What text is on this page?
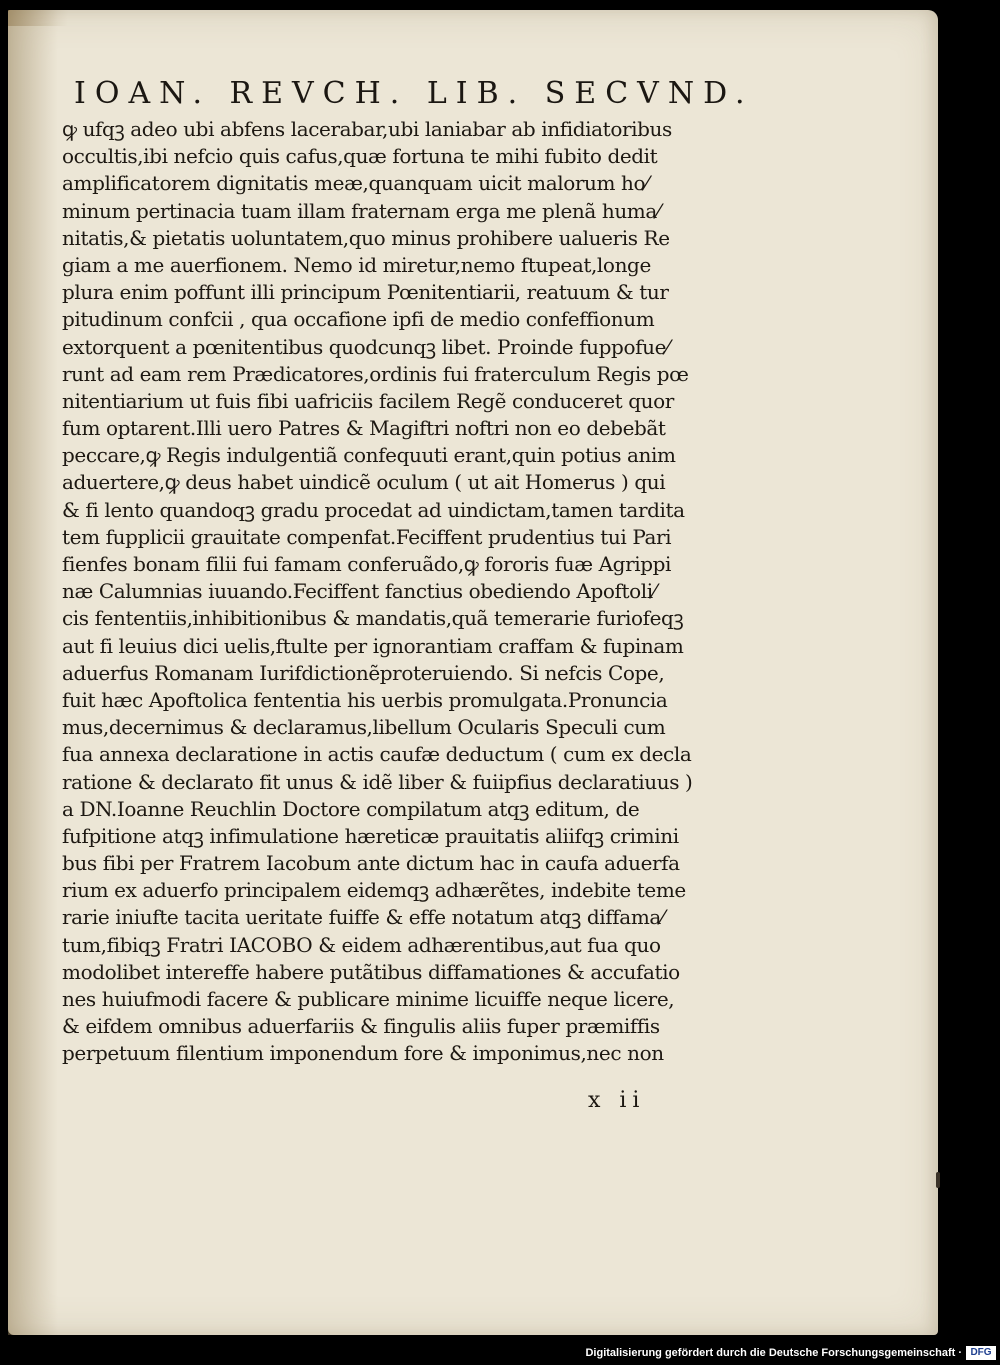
IOAN. REVCH. LIB. SECVND.
ꝙ ufqꝫ adeo ubi abfens lacerabar,ubi laniabar ab infidiatoribus
occultis,ibi nefcio quis cafus,quæ fortuna te mihi fubito dedit
amplificatorem dignitatis meæ,quanquam uicit malorum ho⁄
minum pertinacia tuam illam fraternam erga me plenã huma⁄
nitatis,& pietatis uoluntatem,quo minus prohibere ualueris Re
giam a me auerfionem. Nemo id miretur,nemo ftupeat,longe
plura enim poffunt illi principum Pœnitentiarii, reatuum & tur
pitudinum confcii , qua occafione ipfi de medio confeffionum
extorquent a pœnitentibus quodcunqꝫ libet. Proinde fuppofue⁄
runt ad eam rem Prædicatores,ordinis fui fraterculum Regis pœ
nitentiarium ut fuis fibi uafriciis facilem Regẽ conduceret quor
fum optarent.Illi uero Patres & Magiftri noftri non eo debebãt
peccare,ꝙ Regis indulgentiã confequuti erant,quin potius anim
aduertere,ꝙ deus habet uindicẽ oculum ( ut ait Homerus ) qui
& fi lento quandoqꝫ gradu procedat ad uindictam,tamen tardita
tem fupplicii grauitate compenfat.Feciffent prudentius tui Pari
fienfes bonam filii fui famam conferuãdo,ꝙ fororis fuæ Agrippi
næ Calumnias iuuando.Feciffent fanctius obediendo Apoftoli⁄
cis fententiis,inhibitionibus & mandatis,quã temerarie furiofeqꝫ
aut fi leuius dici uelis,ftulte per ignorantiam craffam & fupinam
aduerfus Romanam Iurifdictionẽproteruiendo. Si nefcis Cope,
fuit hæc Apoftolica fententia his uerbis promulgata.Pronuncia
mus,decernimus & declaramus,libellum Ocularis Speculi cum
fua annexa declaratione in actis caufæ deductum ( cum ex decla
ratione & declarato fit unus & idẽ liber & fuiipfius declaratiuus )
a DN.Ioanne Reuchlin Doctore compilatum atqꝫ editum, de
fufpitione atqꝫ infimulatione hæreticæ prauitatis aliifqꝫ crimini
bus fibi per Fratrem Iacobum ante dictum hac in caufa aduerfa
rium ex aduerfo principalem eidemqꝫ adhærẽtes, indebite teme
rarie iniufte tacita ueritate fuiffe & effe notatum atqꝫ diffama⁄
tum,fibiqꝫ Fratri IACOBO & eidem adhærentibus,aut fua quo
modolibet intereffe habere putãtibus diffamationes & accufatio
nes huiufmodi facere & publicare minime licuiffe neque licere,
& eifdem omnibus aduerfariis & fingulis aliis fuper præmiffis
perpetuum filentium imponendum fore & imponimus,nec non
x ii
Digitalisierung gefördert durch die Deutsche Forschungsgemeinschaft · DFG
